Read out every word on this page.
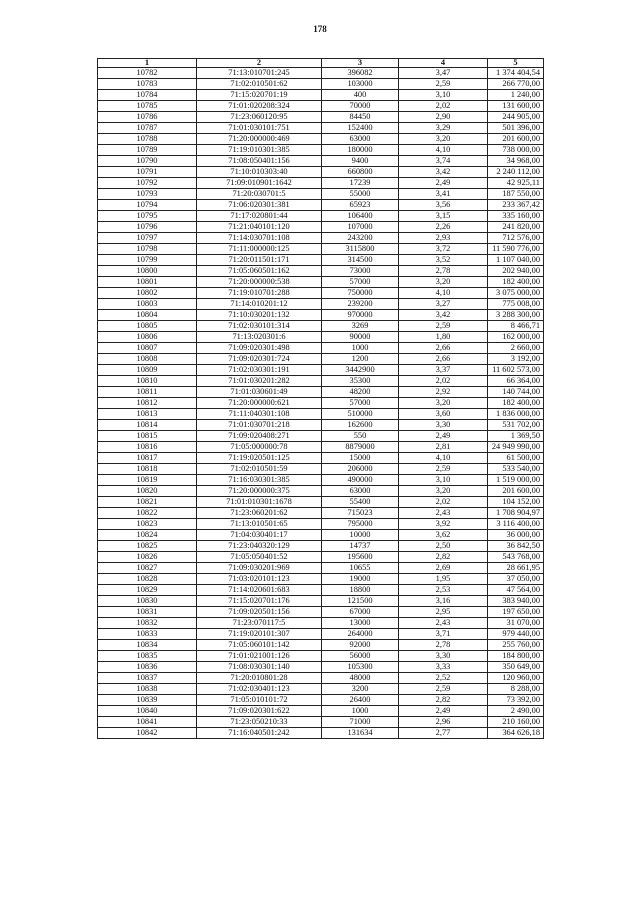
178
1	2	3	4	5
10782	71:13:010701:245	396082	3,47	1 374 404,54
10783	71:02:010501:62	103000	2,59	266 770,00
10784	71:15:020701:19	400	3,10	1 240,00
10785	71:01:020208:324	70000	2,02	131 600,00
10786	71:23:060120:95	84450	2,90	244 905,00
10787	71:01:030101:751	152400	3,29	501 396,00
10788	71:20:000000:469	63000	3,20	201 600,00
10789	71:19:010301:385	180000	4,10	738 000,00
10790	71:08:050401:156	9400	3,74	34 968,00
10791	71:10:010303:40	660800	3,42	2 240 112,00
10792	71:09:010901:1642	17239	2,49	42 925,11
10793	71:20:030701:5	55000	3,41	187 550,00
10794	71:06:020301:381	65923	3,56	233 367,42
10795	71:17:020801:44	106400	3,15	335 160,00
10796	71:21:040101:120	107000	2,26	241 820,00
10797	71:14:030701:108	243200	2,93	712 576,00
10798	71:11:000000:125	3115800	3,72	11 590 776,00
10799	71:20:011501:171	314500	3,52	1 107 040,00
10800	71:05:060501:162	73000	2,78	202 940,00
10801	71:20:000000:538	57000	3,20	182 400,00
10802	71:19:010701:288	750000	4,10	3 075 000,00
10803	71:14:010201:12	239200	3,27	775 008,00
10804	71:10:030201:132	970000	3,42	3 288 300,00
10805	71:02:030101:314	3269	2,59	8 466,71
10806	71:13:020301:6	90000	1,80	162 000,00
10807	71:09:020301:498	1000	2,66	2 660,00
10808	71:09:020301:724	1200	2,66	3 192,00
10809	71:02:030301:191	3442900	3,37	11 602 573,00
10810	71:01:030201:282	35300	2,02	66 364,00
10811	71:01:030601:49	48200	2,92	140 744,00
10812	71:20:000000:621	57000	3,20	182 400,00
10813	71:11:040301:108	510000	3,60	1 836 000,00
10814	71:01:030701:218	162600	3,30	531 702,00
10815	71:09:020408:271	550	2,49	1 369,50
10816	71:05:000000:78	8879000	2,81	24 949 990,00
10817	71:19:020501:125	15000	4,10	61 500,00
10818	71:02:010501:59	206000	2,59	533 540,00
10819	71:16:030301:385	490000	3,10	1 519 000,00
10820	71:20:000000:375	63000	3,20	201 600,00
10821	71:01:010301:1678	55400	2,02	104 152,00
10822	71:23:060201:62	715023	2,43	1 708 904,97
10823	71:13:010501:65	795000	3,92	3 116 400,00
10824	71:04:030401:17	10000	3,62	36 000,00
10825	71:23:040320:129	14737	2,50	36 842,50
10826	71:05:050401:52	195600	2,82	543 768,00
10827	71:09:030201:969	10655	2,69	28 661,95
10828	71:03:020101:123	19000	1,95	37 050,00
10829	71:14:020601:683	18800	2,53	47 564,00
10830	71:15:020701:176	121500	3,16	383 940,00
10831	71:09:020501:156	67000	2,95	197 650,00
10832	71:23:070117:5	13000	2,43	31 070,00
10833	71:19:020101:307	264000	3,71	979 440,00
10834	71:05:060101:142	92000	2,78	255 760,00
10835	71:01:021001:126	56000	3,30	184 800,00
10836	71:08:030301:140	105300	3,33	350 649,00
10837	71:20:010801:28	48000	2,52	120 960,00
10838	71:02:030401:123	3200	2,59	8 288,00
10839	71:05:010101:72	26400	2,82	73 392,00
10840	71:09:020301:622	1000	2,49	2 490,00
10841	71:23:050210:33	71000	2,96	210 160,00
10842	71:16:040501:242	131634	2,77	364 626,18
